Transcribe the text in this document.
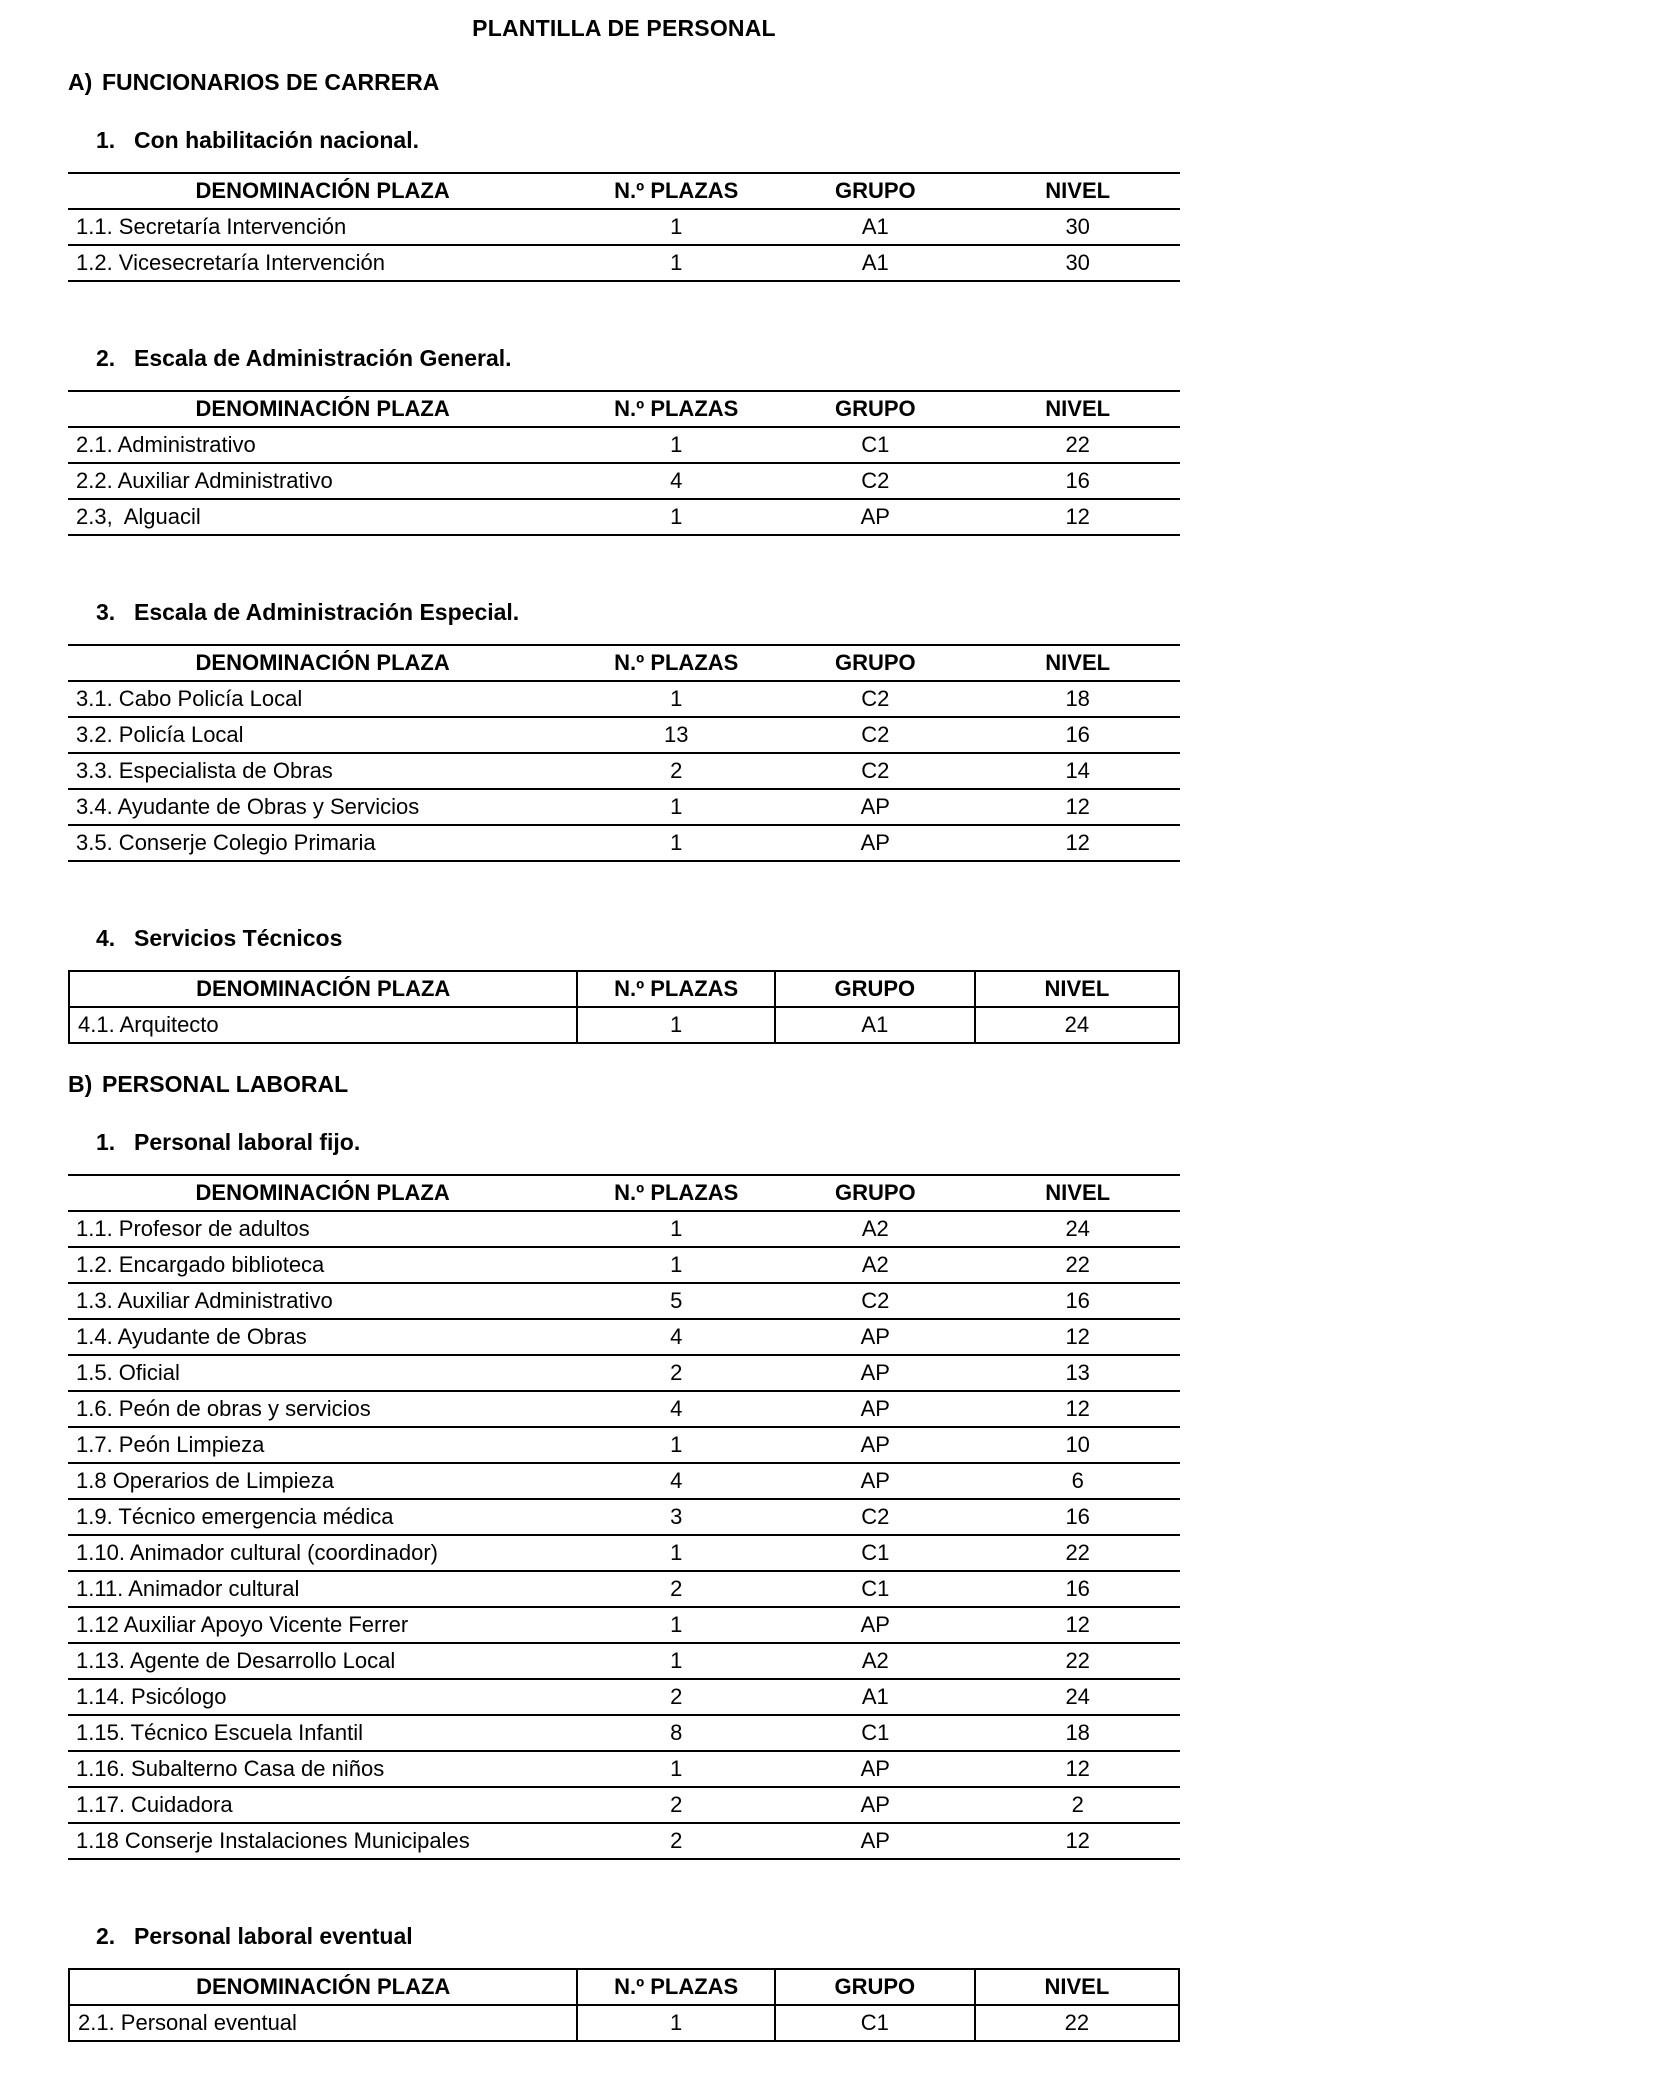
PLANTILLA DE PERSONAL
A) FUNCIONARIOS DE CARRERA
1. Con habilitación nacional.
DENOMINACIÓN PLAZA	N.º PLAZAS	GRUPO	NIVEL
1.1. Secretaría Intervención	1	A1	30
1.2. Vicesecretaría Intervención	1	A1	30
2. Escala de Administración General.
DENOMINACIÓN PLAZA	N.º PLAZAS	GRUPO	NIVEL
2.1. Administrativo	1	C1	22
2.2. Auxiliar Administrativo	4	C2	16
2.3,  Alguacil	1	AP	12
3. Escala de Administración Especial.
DENOMINACIÓN PLAZA	N.º PLAZAS	GRUPO	NIVEL
3.1. Cabo Policía Local	1	C2	18
3.2. Policía Local	13	C2	16
3.3. Especialista de Obras	2	C2	14
3.4. Ayudante de Obras y Servicios	1	AP	12
3.5. Conserje Colegio Primaria	1	AP	12
4. Servicios Técnicos
DENOMINACIÓN PLAZA	N.º PLAZAS	GRUPO	NIVEL
4.1. Arquitecto	1	A1	24
B) PERSONAL LABORAL
1. Personal laboral fijo.
DENOMINACIÓN PLAZA	N.º PLAZAS	GRUPO	NIVEL
1.1. Profesor de adultos	1	A2	24
1.2. Encargado biblioteca	1	A2	22
1.3. Auxiliar Administrativo	5	C2	16
1.4. Ayudante de Obras	4	AP	12
1.5. Oficial	2	AP	13
1.6. Peón de obras y servicios	4	AP	12
1.7. Peón Limpieza	1	AP	10
1.8 Operarios de Limpieza	4	AP	6
1.9. Técnico emergencia médica	3	C2	16
1.10. Animador cultural (coordinador)	1	C1	22
1.11. Animador cultural	2	C1	16
1.12 Auxiliar Apoyo Vicente Ferrer	1	AP	12
1.13. Agente de Desarrollo Local	1	A2	22
1.14. Psicólogo	2	A1	24
1.15. Técnico Escuela Infantil	8	C1	18
1.16. Subalterno Casa de niños	1	AP	12
1.17. Cuidadora	2	AP	2
1.18 Conserje Instalaciones Municipales	2	AP	12
2. Personal laboral eventual
DENOMINACIÓN PLAZA	N.º PLAZAS	GRUPO	NIVEL
2.1. Personal eventual	1	C1	22
